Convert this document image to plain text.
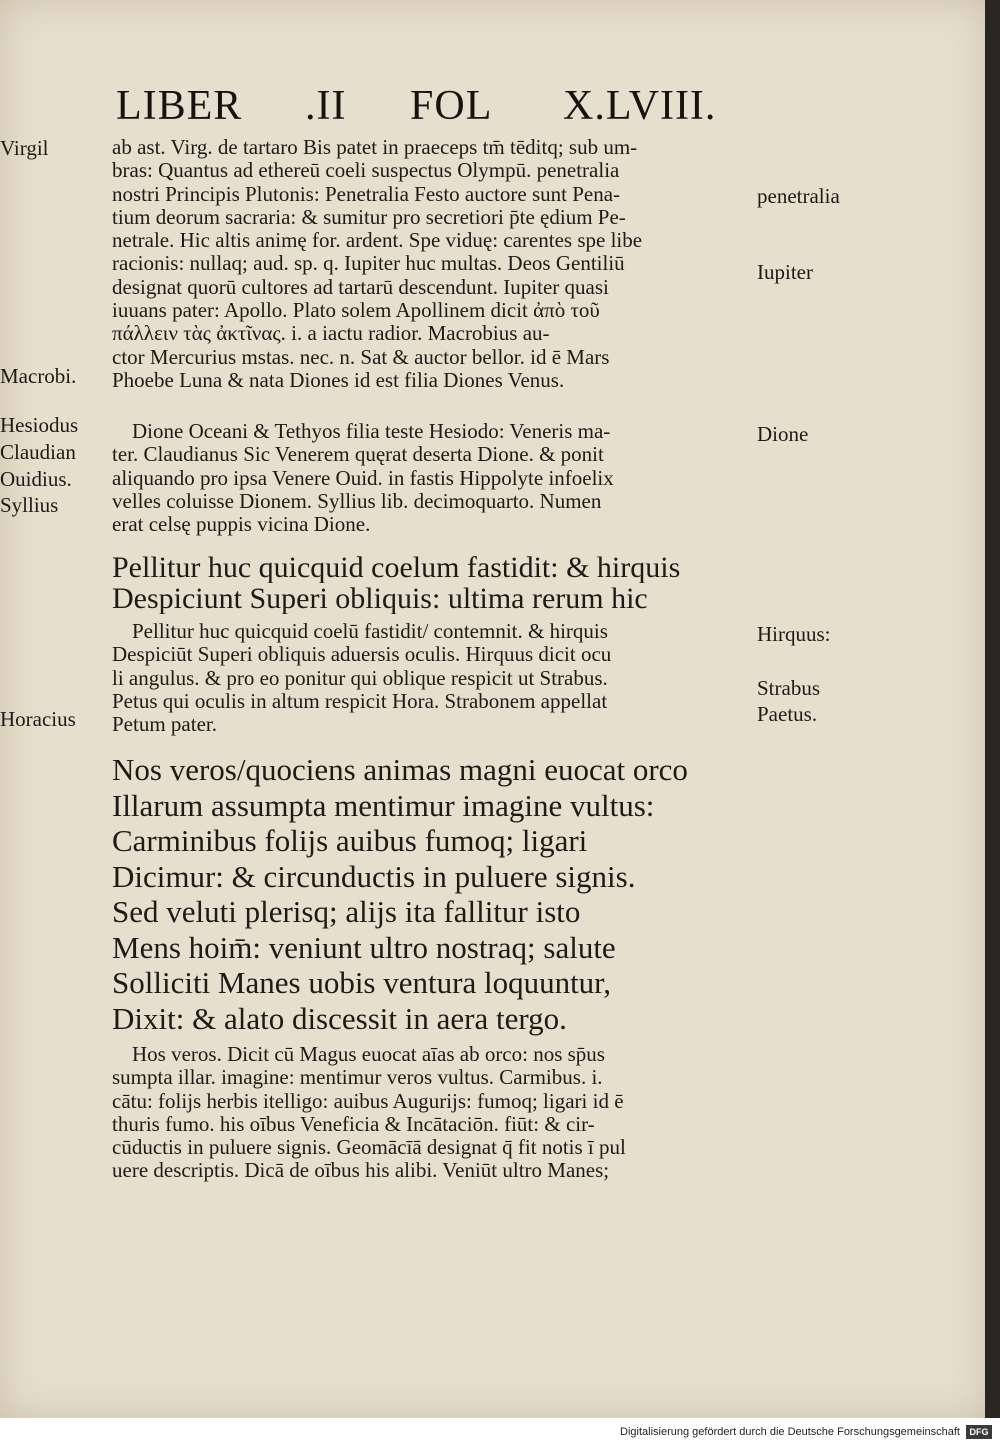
LIBER .II FOL X.LVIII.
Virgil
Macrobi.
Hesiodus
Claudian
Ouidius.
Syllius
Horacius
penetralia
Iupiter
Dione
Hirquus:
Strabus
Paetus.
ab ast. Virg. de tartaro Bis patet in praeceps tm̄ tēditq; sub um-
bras: Quantus ad ethereū coeli suspectus Olympū. penetralia
nostri Principis Plutonis: Penetralia Festo auctore sunt Pena-
tium deorum sacraria: & sumitur pro secretiori p̄te ędium Pe-
netrale. Hic altis animę for. ardent. Spe viduę: carentes spe libe
racionis: nullaq; aud. sp. q. Iupiter huc multas. Deos Gentiliū
designat quorū cultores ad tartarū descendunt. Iupiter quasi
iuuans pater: Apollo. Plato solem Apollinem dicit ἀπὸ τοῦ
πάλλειν τὰς ἀκτῖνας. i. a iactu radior. Macrobius au-
ctor Mercurius mstas. nec. n. Sat & auctor bellor. id ē Mars
Phoebe Luna & nata Diones id est filia Diones Venus.
Dione Oceani & Tethyos filia teste Hesiodo: Veneris ma-
ter. Claudianus Sic Venerem quęrat deserta Dione. & ponit
aliquando pro ipsa Venere Ouid. in fastis Hippolyte infoelix
velles coluisse Dionem. Syllius lib. decimoquarto. Numen
erat celsę puppis vicina Dione.
Pellitur huc quicquid coelum fastidit: & hirquis
Despiciunt Superi obliquis: ultima rerum hic
Pellitur huc quicquid coelū fastidit/ contemnit. & hirquis
Despiciūt Superi obliquis aduersis oculis. Hirquus dicit ocu
li angulus. & pro eo ponitur qui oblique respicit ut Strabus.
Petus qui oculis in altum respicit Hora. Strabonem appellat
Petum pater.
Nos veros/quociens animas magni euocat orco
Illarum assumpta mentimur imagine vultus:
Carminibus folijs auibus fumoq; ligari
Dicimur: & circunductis in puluere signis.
Sed veluti plerisq; alijs ita fallitur isto
Mens hoim̄: veniunt ultro nostraq; salute
Solliciti Manes uobis ventura loquuntur,
Dixit: & alato discessit in aera tergo.
Hos veros. Dicit cū Magus euocat aīas ab orco: nos sp̄us
sumpta illar. imagine: mentimur veros vultus. Carmibus. i.
cātu: folijs herbis itelligo: auibus Augurijs: fumoq; ligari id ē
thuris fumo. his oībus Veneficia & Incātaciōn. fiūt: & cir-
cūductis in puluere signis. Geomācīā designat q̄ fit notis ī pul
uere descriptis. Dicā de oībus his alibi. Veniūt ultro Manes;
Digitalisierung gefördert durch die Deutsche Forschungsgemeinschaft	DFG
